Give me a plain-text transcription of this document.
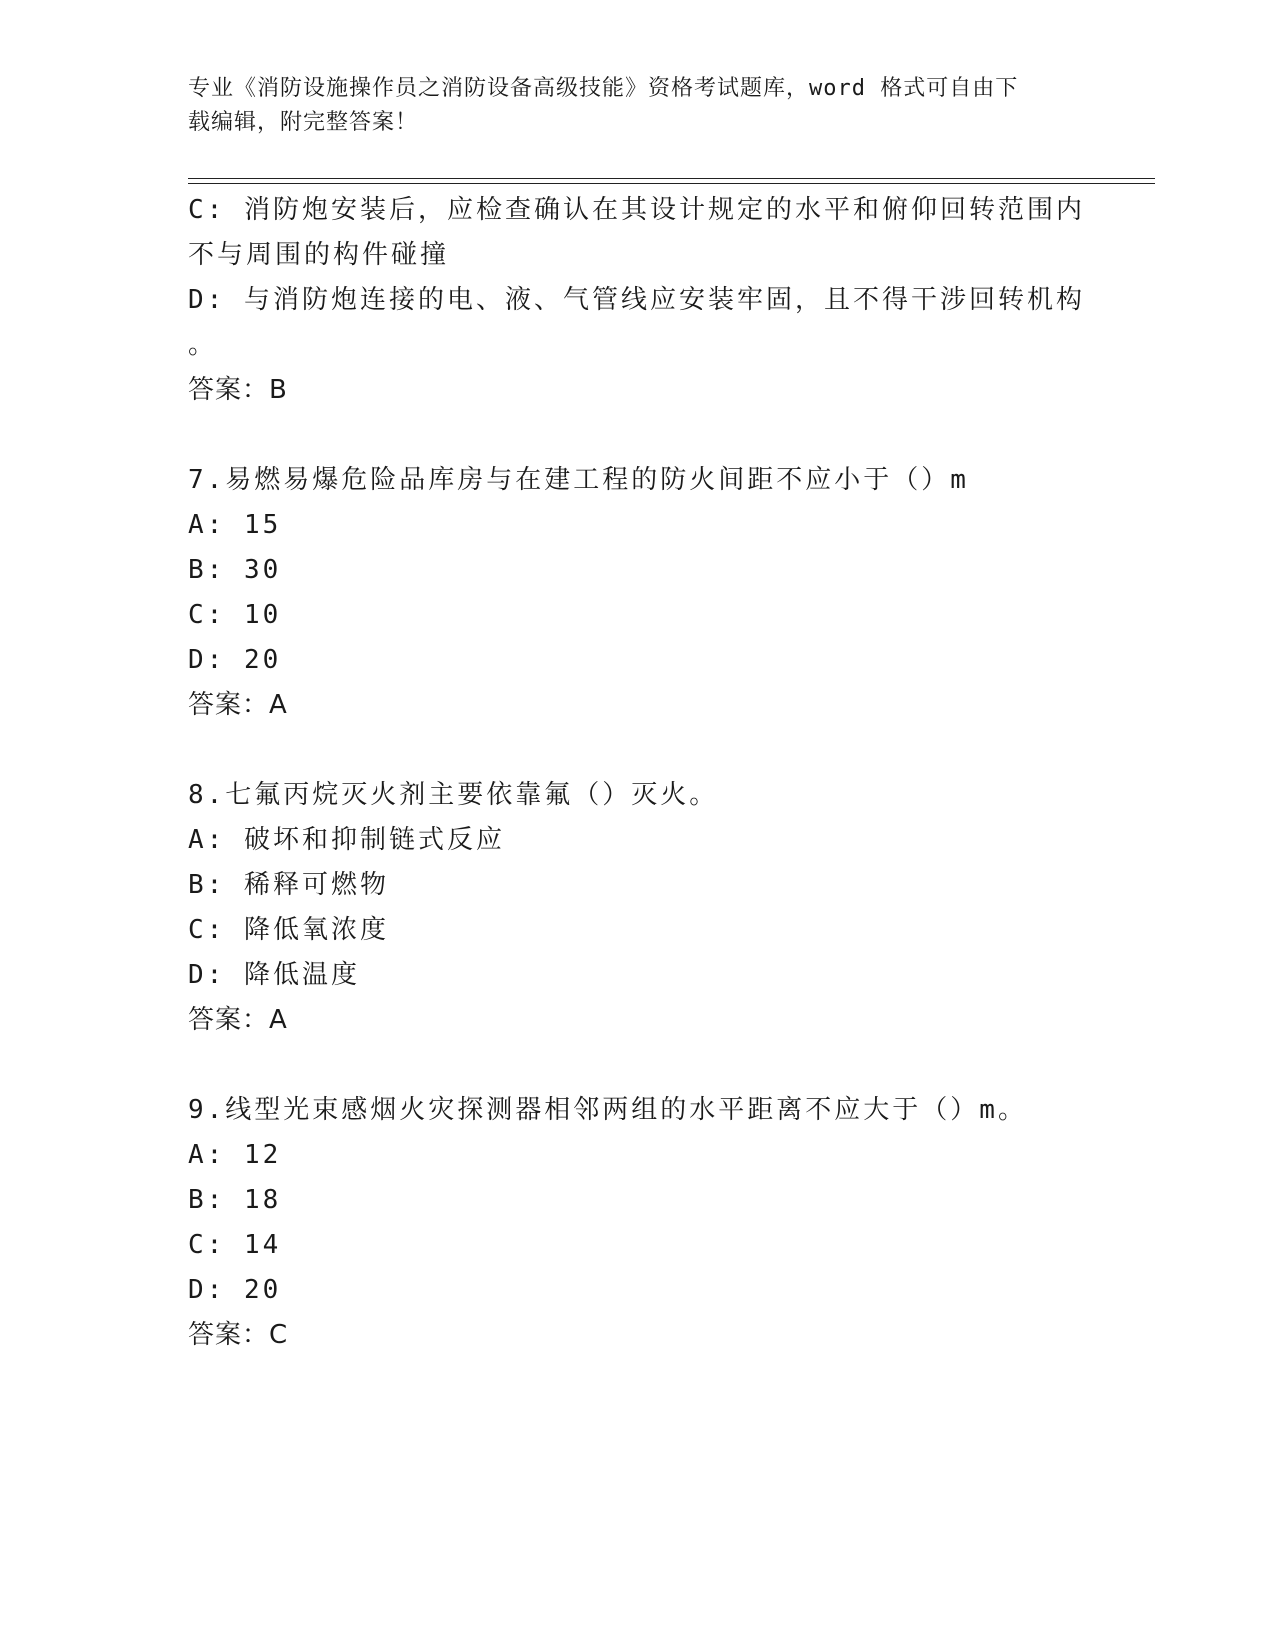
专业《消防设施操作员之消防设备高级技能》资格考试题库，word 格式可自由下
载编辑，附完整答案！
C: 消防炮安装后，应检查确认在其设计规定的水平和俯仰回转范围内
不与周围的构件碰撞
D: 与消防炮连接的电、液、气管线应安装牢固，且不得干涉回转机构
。
答案：B
7.易燃易爆危险品库房与在建工程的防火间距不应小于（）m
A: 15
B: 30
C: 10
D: 20
答案：A
8.七氟丙烷灭火剂主要依靠氟（）灭火。
A: 破坏和抑制链式反应
B: 稀释可燃物
C: 降低氧浓度
D: 降低温度
答案：A
9.线型光束感烟火灾探测器相邻两组的水平距离不应大于（）m。
A: 12
B: 18
C: 14
D: 20
答案：C
